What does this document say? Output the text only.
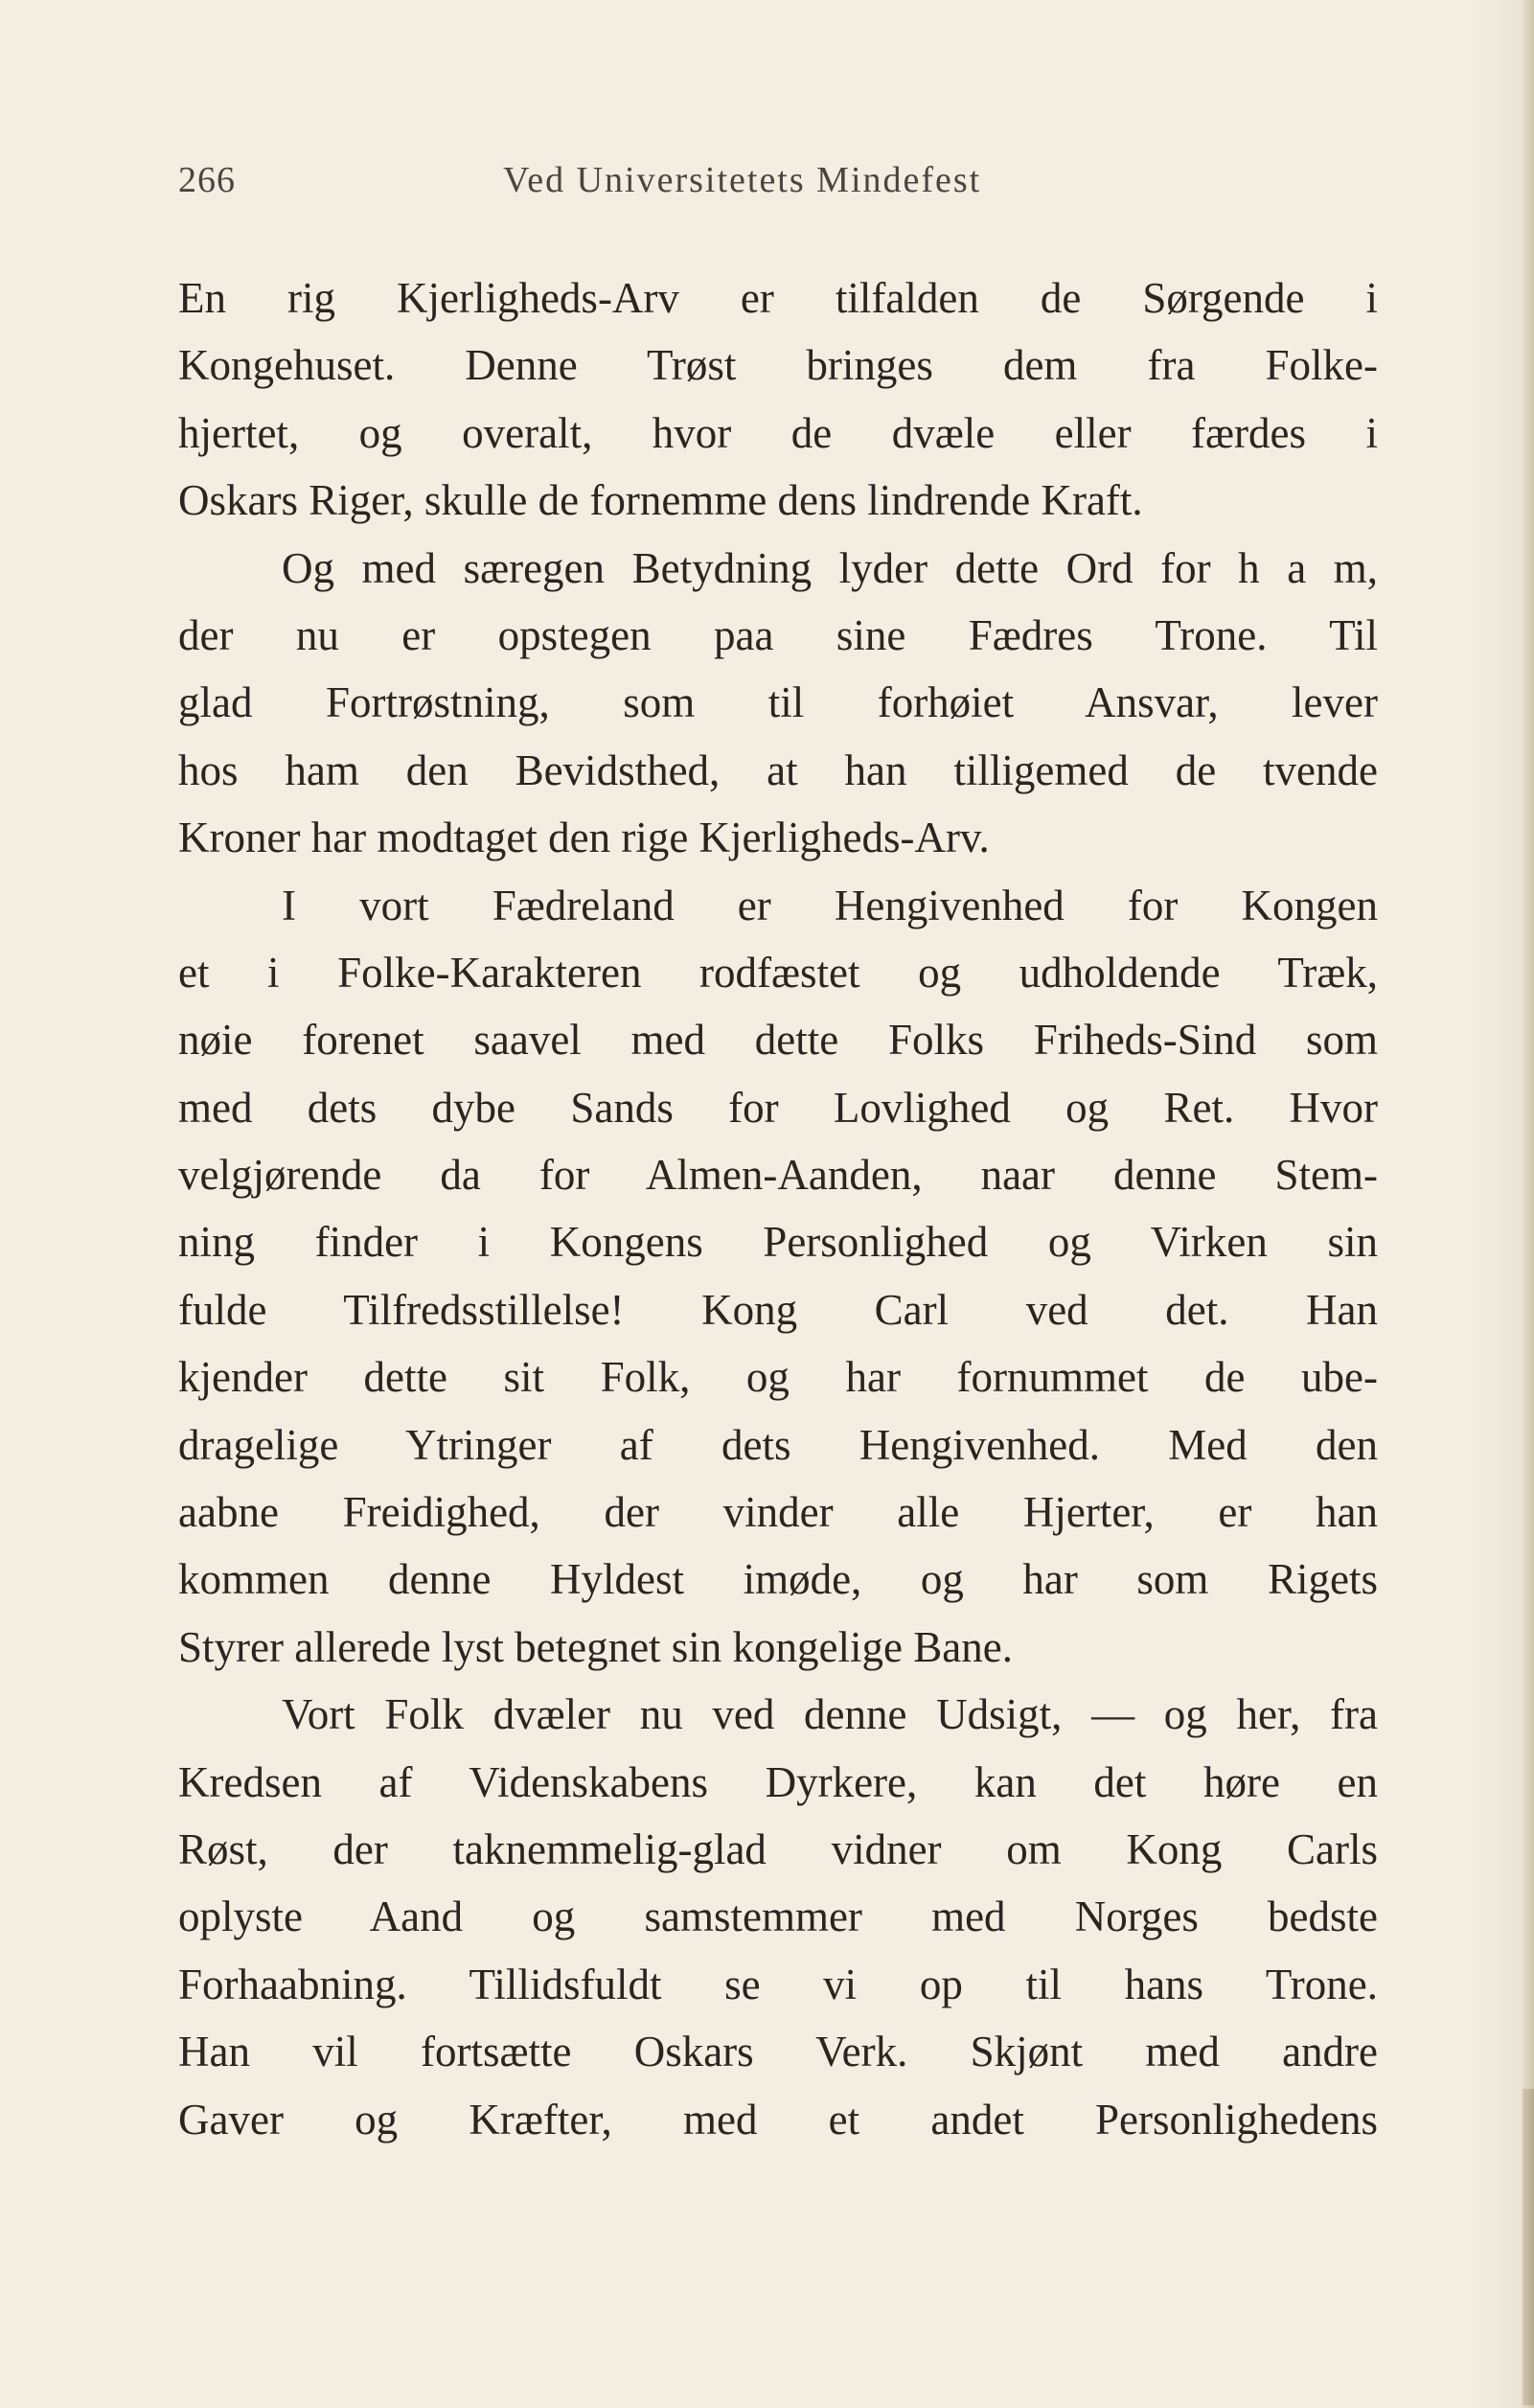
266	Ved Universitetets Mindefest
En rig Kjerligheds-Arv er tilfalden de Sørgende i
Kongehuset. Denne Trøst bringes dem fra Folke-
hjertet, og overalt, hvor de dvæle eller færdes i
Oskars Riger, skulle de fornemme dens lindrende Kraft.
Og med særegen Betydning lyder dette Ord for h a m,
der nu er opstegen paa sine Fædres Trone. Til
glad Fortrøstning, som til forhøiet Ansvar, lever
hos ham den Bevidsthed, at han tilligemed de tvende
Kroner har modtaget den rige Kjerligheds-Arv.
I vort Fædreland er Hengivenhed for Kongen
et i Folke-Karakteren rodfæstet og udholdende Træk,
nøie forenet saavel med dette Folks Friheds-Sind som
med dets dybe Sands for Lovlighed og Ret. Hvor
velgjørende da for Almen-Aanden, naar denne Stem-
ning finder i Kongens Personlighed og Virken sin
fulde Tilfredsstillelse! Kong Carl ved det. Han
kjender dette sit Folk, og har fornummet de ube-
dragelige Ytringer af dets Hengivenhed. Med den
aabne Freidighed, der vinder alle Hjerter, er han
kommen denne Hyldest imøde, og har som Rigets
Styrer allerede lyst betegnet sin kongelige Bane.
Vort Folk dvæler nu ved denne Udsigt, — og her, fra
Kredsen af Videnskabens Dyrkere, kan det høre en
Røst, der taknemmelig-glad vidner om Kong Carls
oplyste Aand og samstemmer med Norges bedste
Forhaabning. Tillidsfuldt se vi op til hans Trone.
Han vil fortsætte Oskars Verk. Skjønt med andre
Gaver og Kræfter, med et andet Personlighedens
